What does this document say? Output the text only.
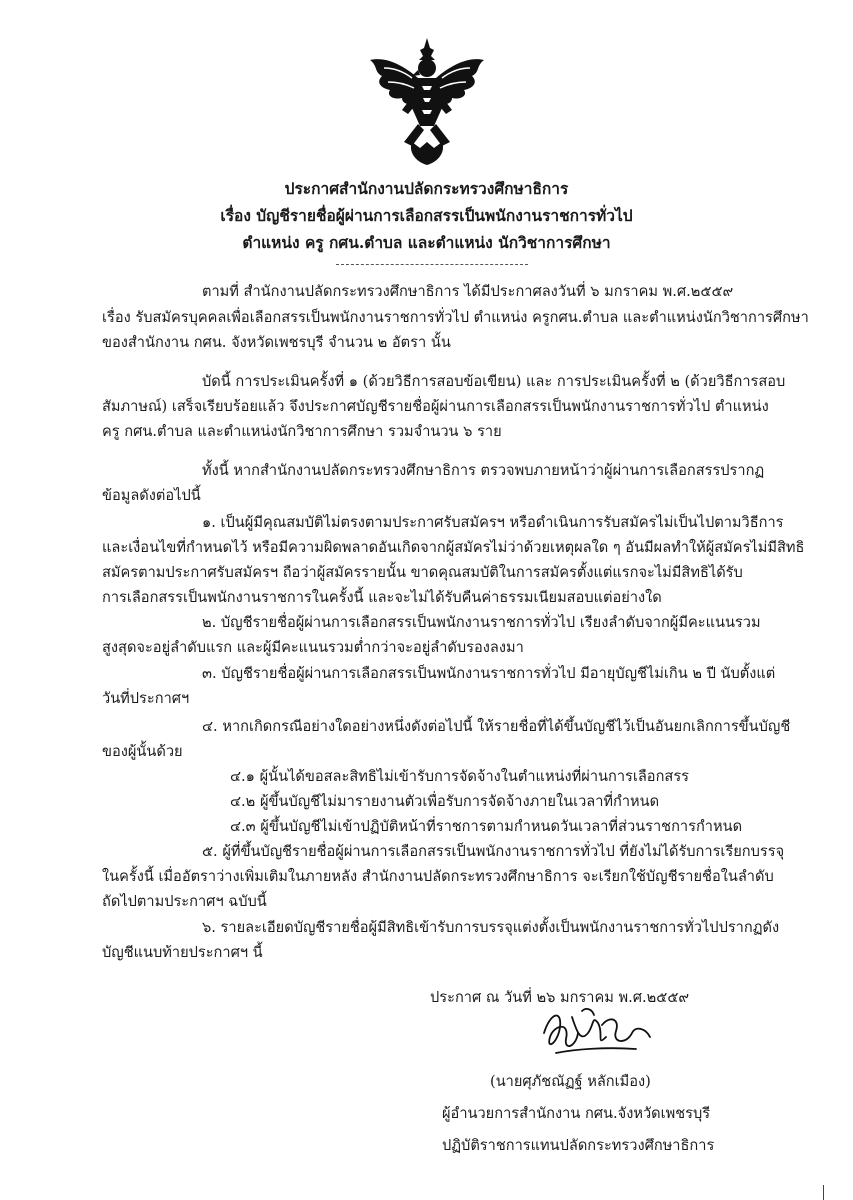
ประกาศสำนักงานปลัดกระทรวงศึกษาธิการ
เรื่อง บัญชีรายชื่อผู้ผ่านการเลือกสรรเป็นพนักงานราชการทั่วไป
ตำแหน่ง ครู กศน.ตำบล และตำแหน่ง นักวิชาการศึกษา
ตามที่ สำนักงานปลัดกระทรวงศึกษาธิการ ได้มีประกาศลงวันที่ ๖ มกราคม พ.ศ.๒๕๕๙
เรื่อง รับสมัครบุคคลเพื่อเลือกสรรเป็นพนักงานราชการทั่วไป ตำแหน่ง ครูกศน.ตำบล และตำแหน่งนักวิชาการศึกษา
ของสำนักงาน กศน. จังหวัดเพชรบุรี จำนวน ๒ อัตรา นั้น
บัดนี้ การประเมินครั้งที่ ๑ (ด้วยวิธีการสอบข้อเขียน) และ การประเมินครั้งที่ ๒ (ด้วยวิธีการสอบ
สัมภาษณ์) เสร็จเรียบร้อยแล้ว จึงประกาศบัญชีรายชื่อผู้ผ่านการเลือกสรรเป็นพนักงานราชการทั่วไป ตำแหน่ง
ครู กศน.ตำบล และตำแหน่งนักวิชาการศึกษา รวมจำนวน ๖ ราย
ทั้งนี้ หากสำนักงานปลัดกระทรวงศึกษาธิการ ตรวจพบภายหน้าว่าผู้ผ่านการเลือกสรรปรากฏ
ข้อมูลดังต่อไปนี้
๑. เป็นผู้มีคุณสมบัติไม่ตรงตามประกาศรับสมัครฯ หรือดำเนินการรับสมัครไม่เป็นไปตามวิธีการ
และเงื่อนไขที่กำหนดไว้ หรือมีความผิดพลาดอันเกิดจากผู้สมัครไม่ว่าด้วยเหตุผลใด ๆ อันมีผลทำให้ผู้สมัครไม่มีสิทธิ
สมัครตามประกาศรับสมัครฯ ถือว่าผู้สมัครรายนั้น ขาดคุณสมบัติในการสมัครตั้งแต่แรกจะไม่มีสิทธิได้รับ
การเลือกสรรเป็นพนักงานราชการในครั้งนี้ และจะไม่ได้รับคืนค่าธรรมเนียมสอบแต่อย่างใด
๒. บัญชีรายชื่อผู้ผ่านการเลือกสรรเป็นพนักงานราชการทั่วไป เรียงลำดับจากผู้มีคะแนนรวม
สูงสุดจะอยู่ลำดับแรก และผู้มีคะแนนรวมต่ำกว่าจะอยู่ลำดับรองลงมา
๓. บัญชีรายชื่อผู้ผ่านการเลือกสรรเป็นพนักงานราชการทั่วไป มีอายุบัญชีไม่เกิน ๒ ปี นับตั้งแต่
วันที่ประกาศฯ
๔. หากเกิดกรณีอย่างใดอย่างหนึ่งดังต่อไปนี้ ให้รายชื่อที่ได้ขึ้นบัญชีไว้เป็นอันยกเลิกการขึ้นบัญชี
ของผู้นั้นด้วย
๔.๑ ผู้นั้นได้ขอสละสิทธิไม่เข้ารับการจัดจ้างในตำแหน่งที่ผ่านการเลือกสรร
๔.๒ ผู้ขึ้นบัญชีไม่มารายงานตัวเพื่อรับการจัดจ้างภายในเวลาที่กำหนด
๔.๓ ผู้ขึ้นบัญชีไม่เข้าปฏิบัติหน้าที่ราชการตามกำหนดวันเวลาที่ส่วนราชการกำหนด
๕. ผู้ที่ขึ้นบัญชีรายชื่อผู้ผ่านการเลือกสรรเป็นพนักงานราชการทั่วไป ที่ยังไม่ได้รับการเรียกบรรจุ
ในครั้งนี้ เมื่ออัตราว่างเพิ่มเติมในภายหลัง สำนักงานปลัดกระทรวงศึกษาธิการ จะเรียกใช้บัญชีรายชื่อในลำดับ
ถัดไปตามประกาศฯ ฉบับนี้
๖. รายละเอียดบัญชีรายชื่อผู้มีสิทธิเข้ารับการบรรจุแต่งตั้งเป็นพนักงานราชการทั่วไปปรากฏดัง
บัญชีแนบท้ายประกาศฯ นี้
ประกาศ ณ วันที่ ๒๖ มกราคม พ.ศ.๒๕๕๙
(นายศุภัชณัฏฐ์ หลักเมือง)
ผู้อำนวยการสำนักงาน กศน.จังหวัดเพชรบุรี
ปฏิบัติราชการแทนปลัดกระทรวงศึกษาธิการ
